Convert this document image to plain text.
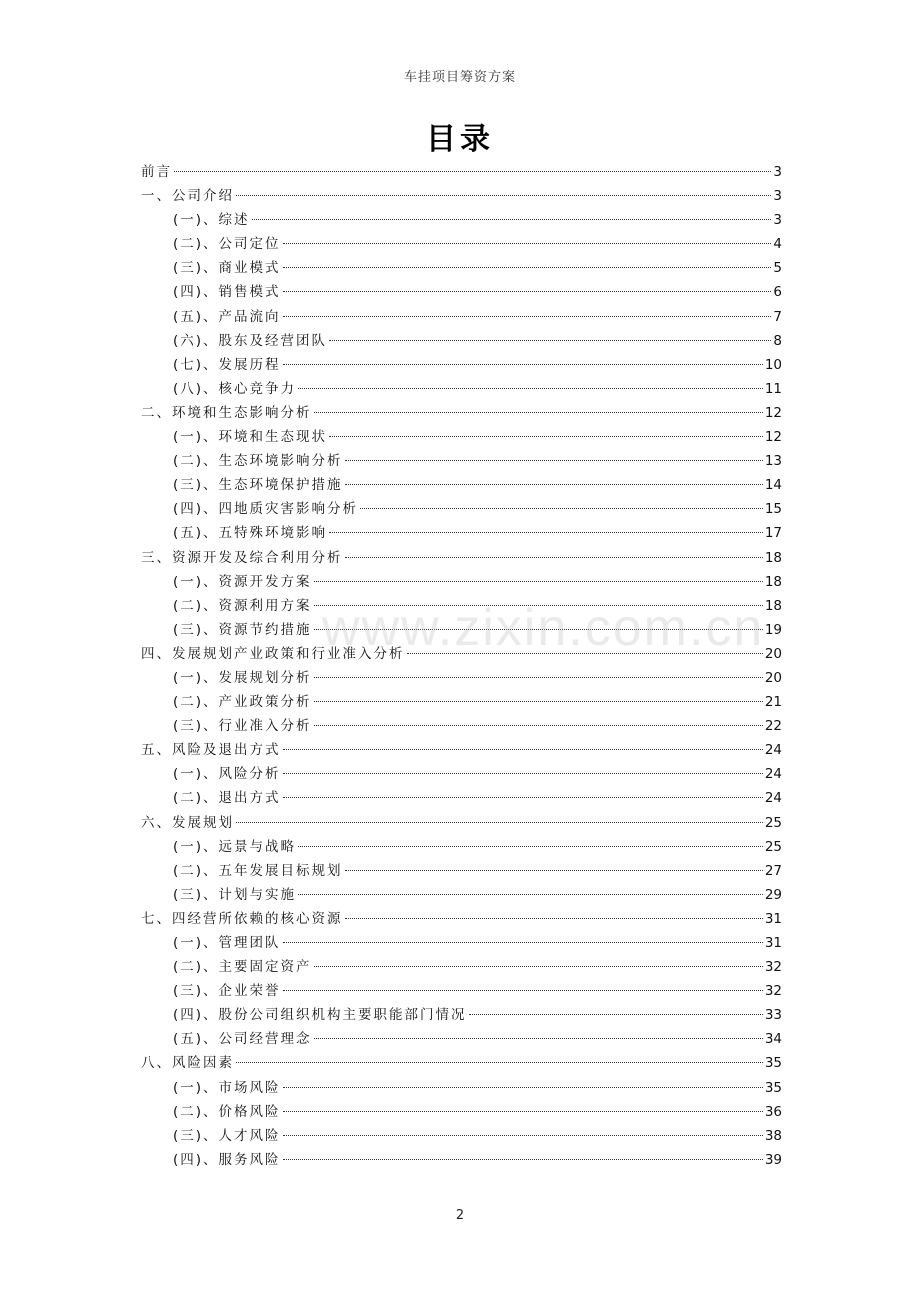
车挂项目筹资方案
目录
前言	3
一、公司介绍	3
(一)、综述	3
(二)、公司定位	4
(三)、商业模式	5
(四)、销售模式	6
(五)、产品流向	7
(六)、股东及经营团队	8
(七)、发展历程	10
(八)、核心竞争力	11
二、环境和生态影响分析	12
(一)、环境和生态现状	12
(二)、生态环境影响分析	13
(三)、生态环境保护措施	14
(四)、四地质灾害影响分析	15
(五)、五特殊环境影响	17
三、资源开发及综合利用分析	18
(一)、资源开发方案	18
(二)、资源利用方案	18
(三)、资源节约措施	19
四、发展规划产业政策和行业准入分析	20
(一)、发展规划分析	20
(二)、产业政策分析	21
(三)、行业准入分析	22
五、风险及退出方式	24
(一)、风险分析	24
(二)、退出方式	24
六、发展规划	25
(一)、远景与战略	25
(二)、五年发展目标规划	27
(三)、计划与实施	29
七、四经营所依赖的核心资源	31
(一)、管理团队	31
(二)、主要固定资产	32
(三)、企业荣誉	32
(四)、股份公司组织机构主要职能部门情况	33
(五)、公司经营理念	34
八、风险因素	35
(一)、市场风险	35
(二)、价格风险	36
(三)、人才风险	38
(四)、服务风险	39
www.zixin.com.cn
2
